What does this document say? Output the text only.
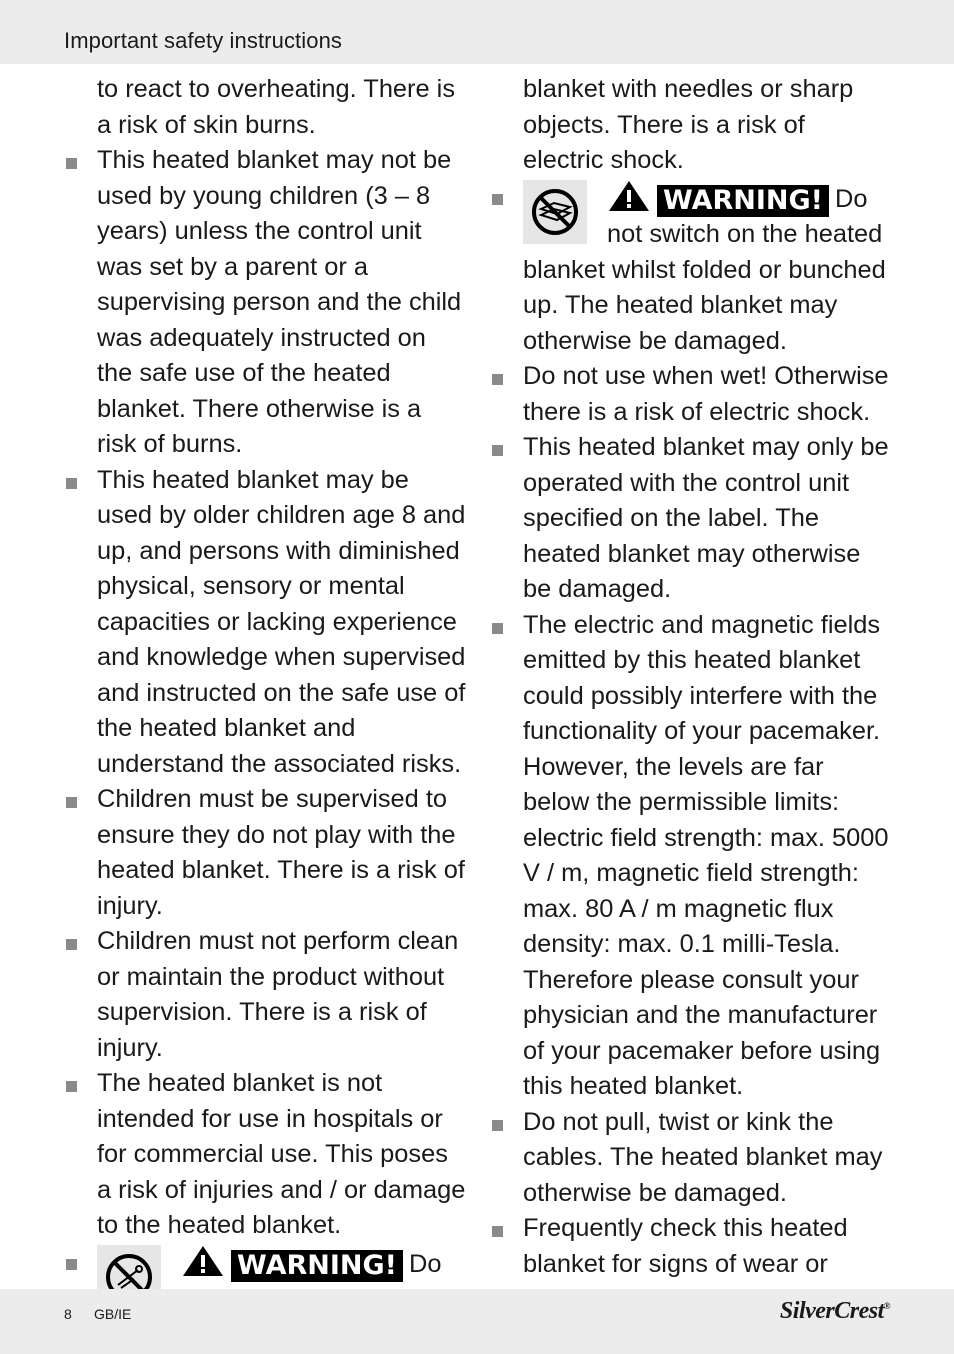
Important safety instructions
to react to overheating. There is a risk of skin burns.
This heated blanket may not be used by young children (3 – 8 years) unless the control unit was set by a parent or a supervising person and the child was adequately instructed on the safe use of the heated blanket. There otherwise is a risk of burns.
This heated blanket may be used by older children age 8 and up, and persons with diminished physical, sensory or mental capacities or lacking experience and knowledge when supervised and instructed on the safe use of the heated blanket and understand the associated risks.
Children must be supervised to ensure they do not play with the heated blanket. There is a risk of injury.
Children must not perform clean or maintain the product without supervision. There is a risk of injury.
The heated blanket is not intended for use in hospitals or for commercial use. This poses a risk of injuries and / or damage to the heated blanket.
WARNING! Do
blanket with needles or sharp objects. There is a risk of electric shock.
WARNING! Do not switch on the heated blanket whilst folded or bunched up. The heated blanket may otherwise be damaged.
Do not use when wet! Otherwise there is a risk of electric shock.
This heated blanket may only be operated with the control unit specified on the label. The heated blanket may otherwise be damaged.
The electric and magnetic fields emitted by this heated blanket could possibly interfere with the functionality of your pacemaker. However, the levels are far below the permissible limits: electric field strength: max. 5000 V / m, magnetic field strength: max. 80 A / m magnetic flux density: max. 0.1 milli-Tesla. Therefore please consult your physician and the manufacturer of your pacemaker before using this heated blanket.
Do not pull, twist or kink the cables. The heated blanket may otherwise be damaged.
Frequently check this heated blanket for signs of wear or
8 GB/IE	SilverCrest®
